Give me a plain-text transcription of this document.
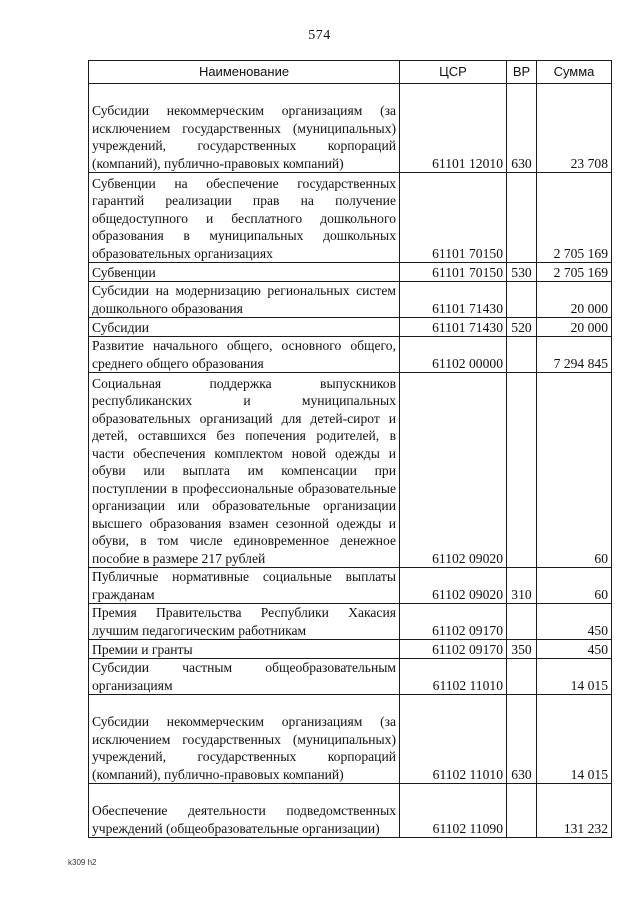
574
Наименование	ЦСР	ВР	Сумма
Субсидии некоммерческим организациям (за исключением государственных (муниципальных) учреждений, государственных корпораций (компаний), публично-правовых компаний)	61101 12010	630	23 708
Субвенции на обеспечение государственных гарантий реализации прав на получение общедоступного и бесплатного дошкольного образования в муниципальных дошкольных образовательных организациях	61101 70150		2 705 169
Субвенции	61101 70150	530	2 705 169
Субсидии на модернизацию региональных систем дошкольного образования	61101 71430		20 000
Субсидии	61101 71430	520	20 000
Развитие начального общего, основного общего, среднего общего образования	61102 00000		7 294 845
Социальная поддержка выпускников республиканских и муниципальных образовательных организаций для детей-сирот и детей, оставшихся без попечения родителей, в части обеспечения комплектом новой одежды и обуви или выплата им компенсации при поступлении в профессиональные образовательные организации или образовательные организации высшего образования взамен сезонной одежды и обуви, в том числе единовременное денежное пособие в размере 217 рублей	61102 09020		60
Публичные нормативные социальные выплаты гражданам	61102 09020	310	60
Премия Правительства Республики Хакасия лучшим педагогическим работникам	61102 09170		450
Премии и гранты	61102 09170	350	450
Субсидии частным общеобразовательным организациям	61102 11010		14 015
Субсидии некоммерческим организациям (за исключением государственных (муниципальных) учреждений, государственных корпораций (компаний), публично-правовых компаний)	61102 11010	630	14 015
Обеспечение деятельности подведомственных учреждений (общеобразовательные организации)	61102 11090		131 232
k309 h2
